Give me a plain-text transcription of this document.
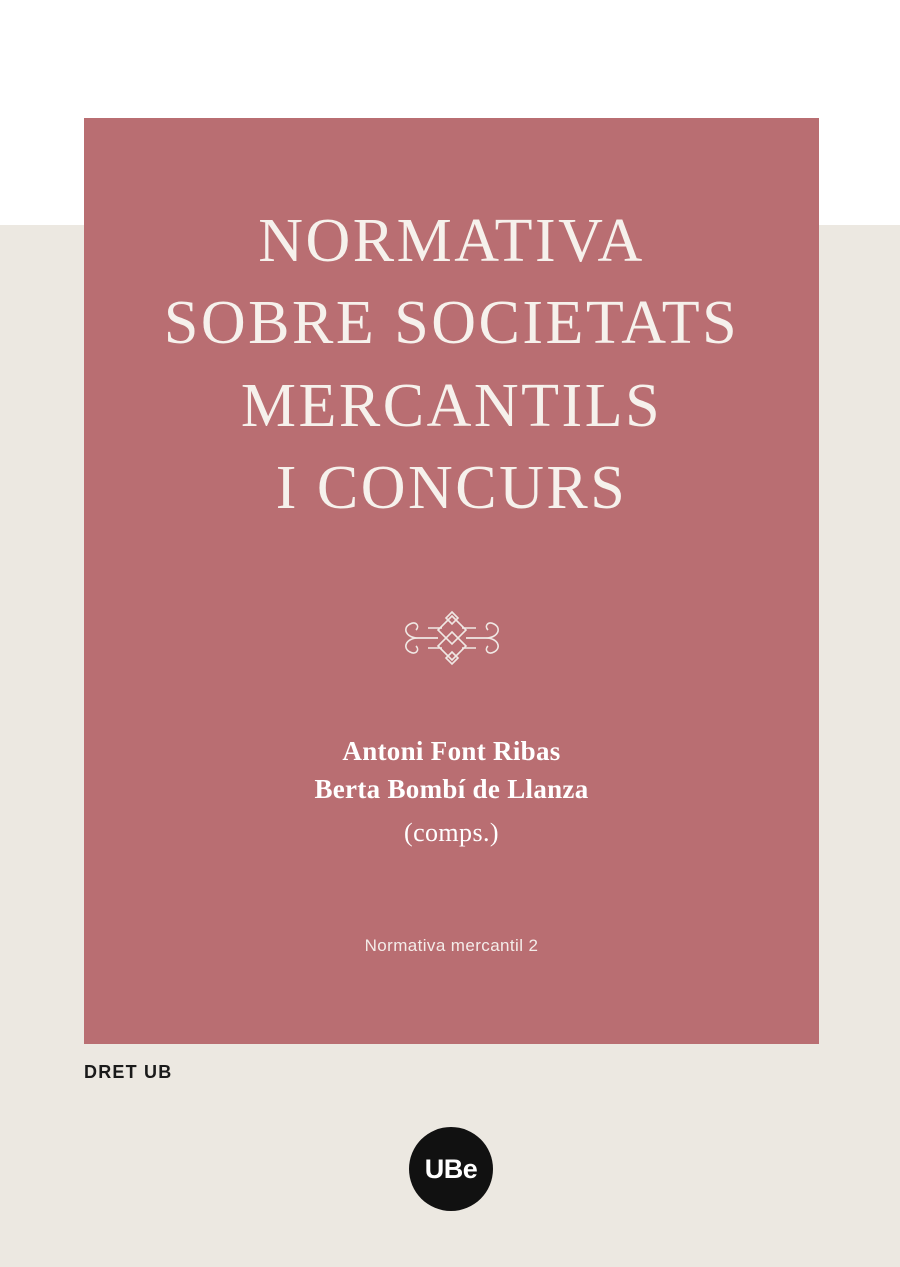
NORMATIVA
SOBRE SOCIETATS
MERCANTILS
I CONCURS
Antoni Font Ribas
Berta Bombí de Llanza
(comps.)
Normativa mercantil 2
DRET UB
UBe
